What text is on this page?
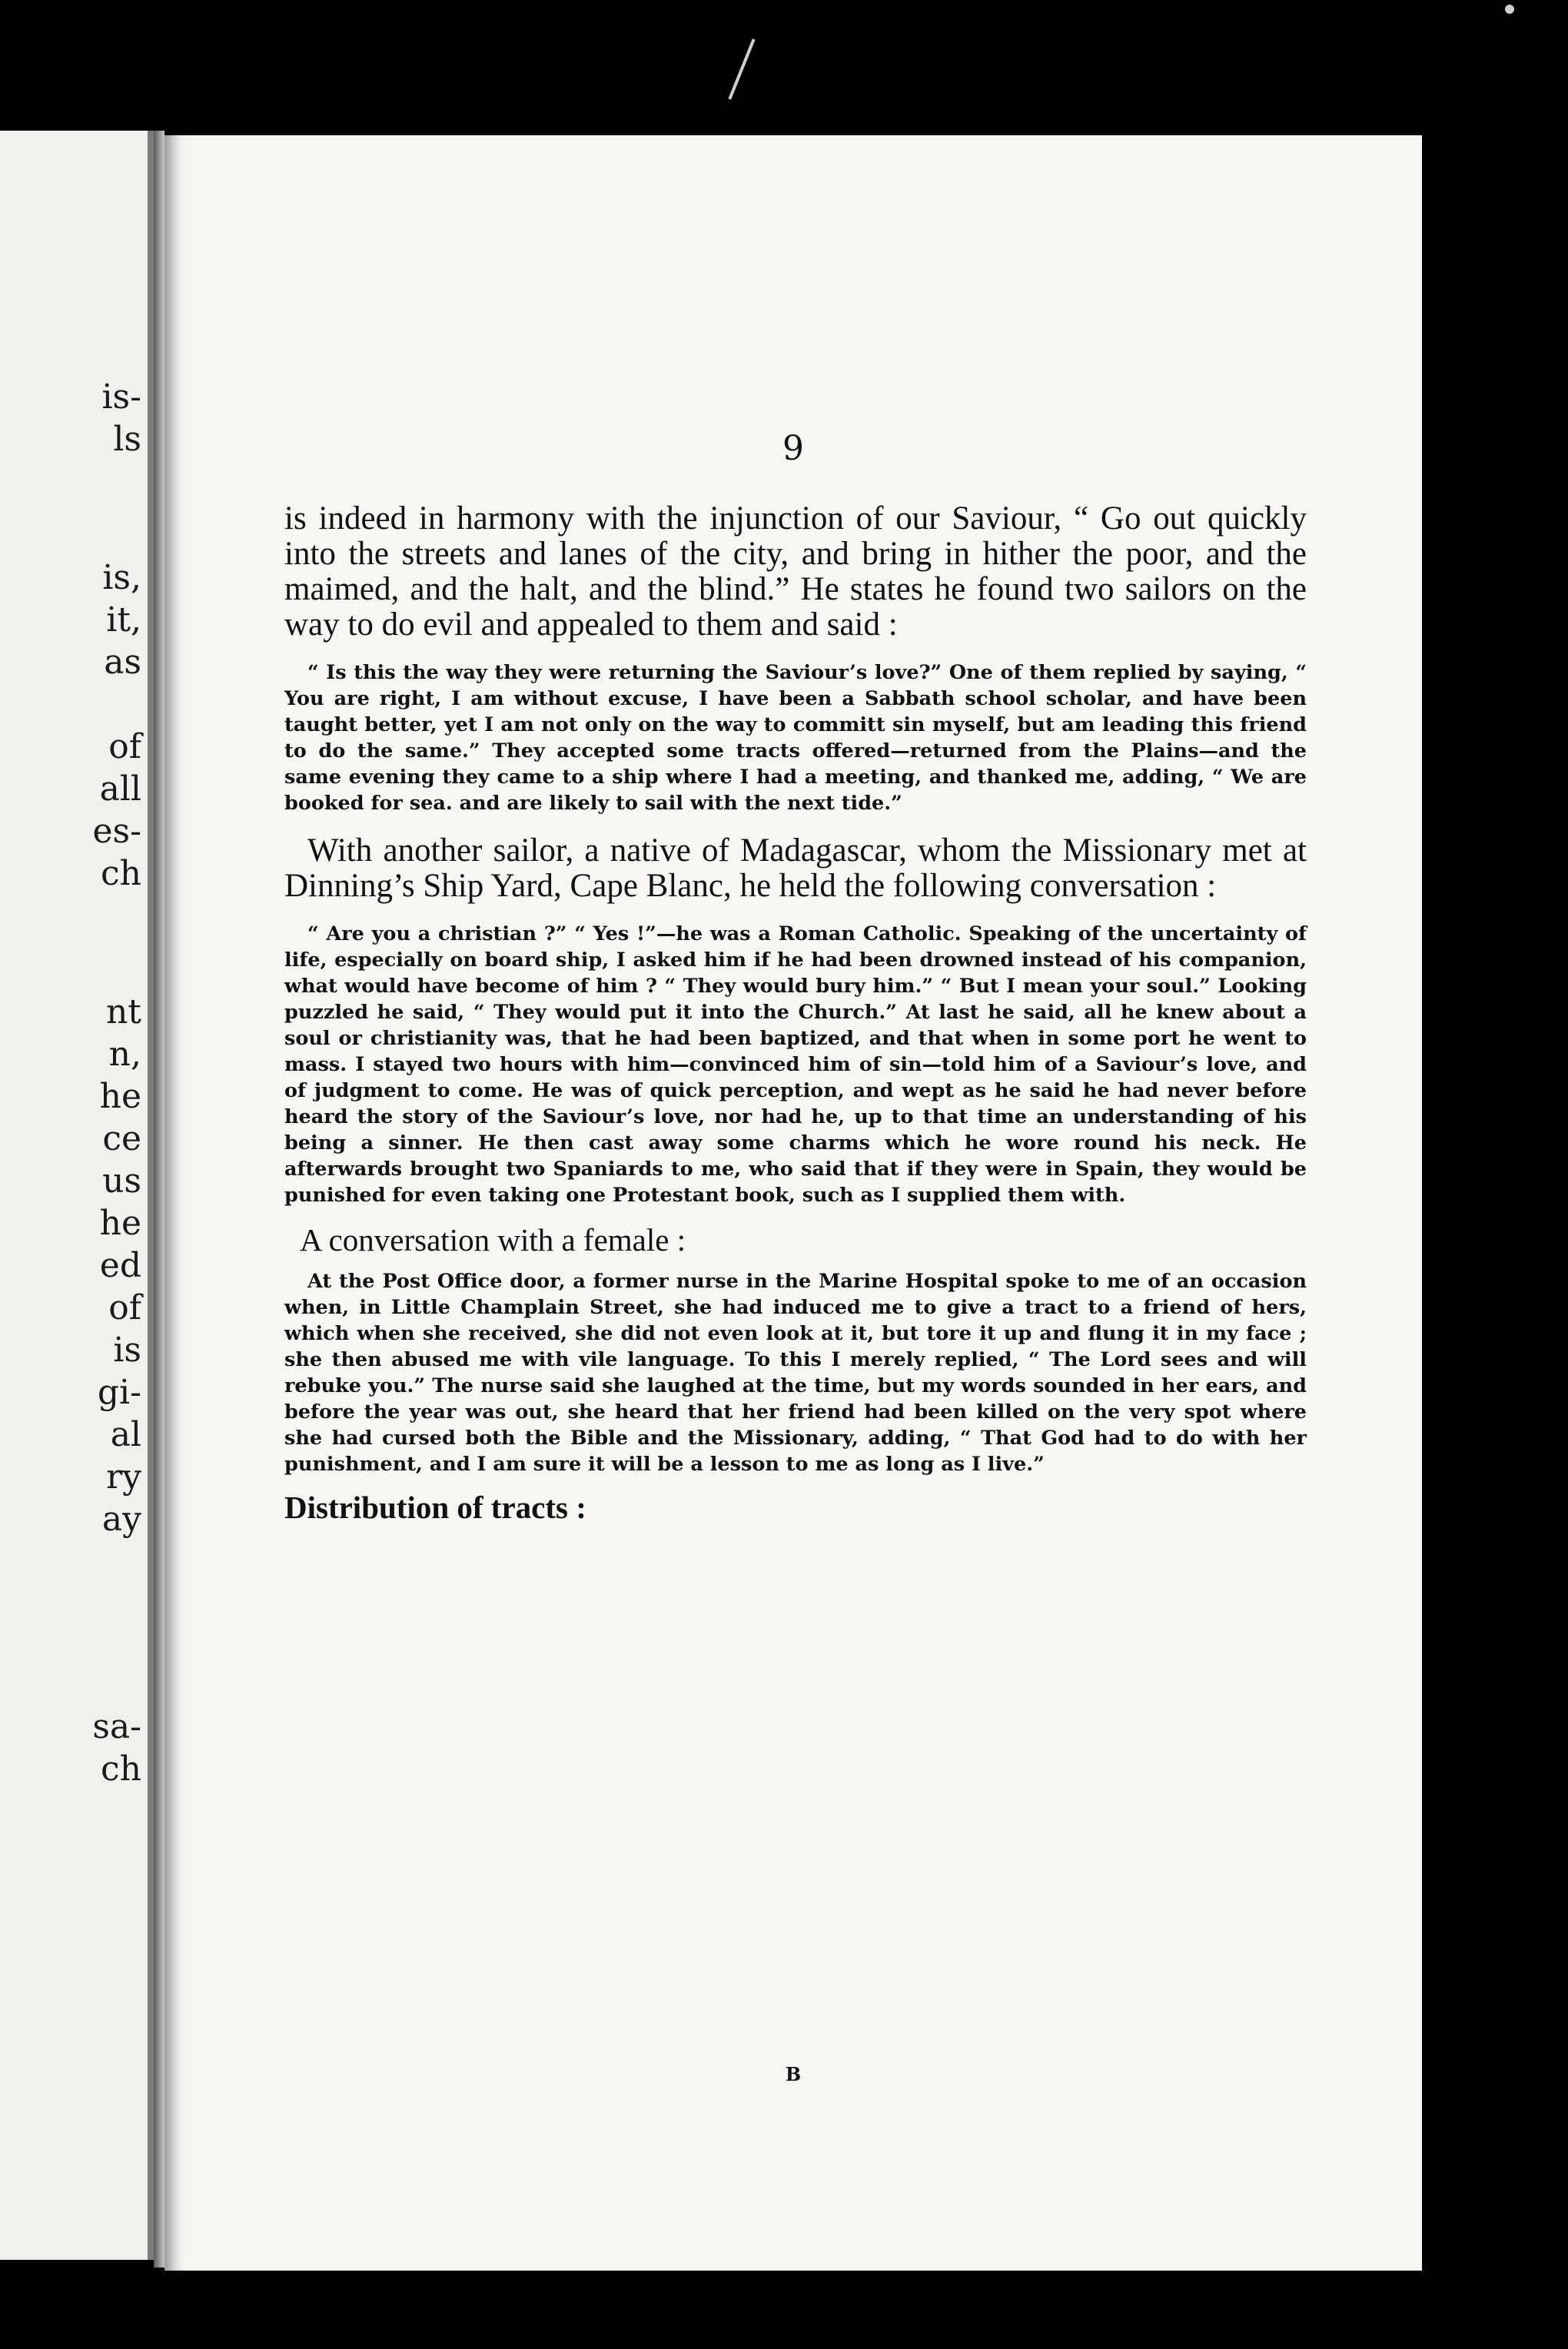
is-
ls
is,
it,
as
of
all
es-
ch
nt
n,
he
ce
us
he
ed
of
is
gi-
al
ry
ay
sa-
ch
9

is indeed in harmony with the injunction of our Saviour, “ Go out quickly into the streets and lanes of the city, and bring in hither the poor, and the maimed, and the halt, and the blind.” He states he found two sailors on the way to do evil and appealed to them and said :

“ Is this the way they were returning the Saviour’s love?” One of them replied by saying, “ You are right, I am without excuse, I have been a Sabbath school scholar, and have been taught better, yet I am not only on the way to committ sin myself, but am leading this friend to do the same.” They accepted some tracts offered—returned from the Plains—and the same evening they came to a ship where I had a meeting, and thanked me, adding, “ We are booked for sea. and are likely to sail with the next tide.”

With another sailor, a native of Madagascar, whom the Missionary met at Dinning’s Ship Yard, Cape Blanc, he held the following conversation :

“ Are you a christian ?” “ Yes !”—he was a Roman Catholic. Speaking of the uncertainty of life, especially on board ship, I asked him if he had been drowned instead of his companion, what would have become of him ? “ They would bury him.” “ But I mean your soul.” Looking puzzled he said, “ They would put it into the Church.” At last he said, all he knew about a soul or christianity was, that he had been baptized, and that when in some port he went to mass. I stayed two hours with him—convinced him of sin—told him of a Saviour’s love, and of judgment to come. He was of quick perception, and wept as he said he had never before heard the story of the Saviour’s love, nor had he, up to that time an understanding of his being a sinner. He then cast away some charms which he wore round his neck. He afterwards brought two Spaniards to me, who said that if they were in Spain, they would be punished for even taking one Protestant book, such as I supplied them with.

A conversation with a female :

At the Post Office door, a former nurse in the Marine Hospital spoke to me of an occasion when, in Little Champlain Street, she had induced me to give a tract to a friend of hers, which when she received, she did not even look at it, but tore it up and flung it in my face ; she then abused me with vile language. To this I merely replied, “ The Lord sees and will rebuke you.” The nurse said she laughed at the time, but my words sounded in her ears, and before the year was out, she heard that her friend had been killed on the very spot where she had cursed both the Bible and the Missionary, adding, “ That God had to do with her punishment, and I am sure it will be a lesson to me as long as I live.”

Distribution of tracts :

B
